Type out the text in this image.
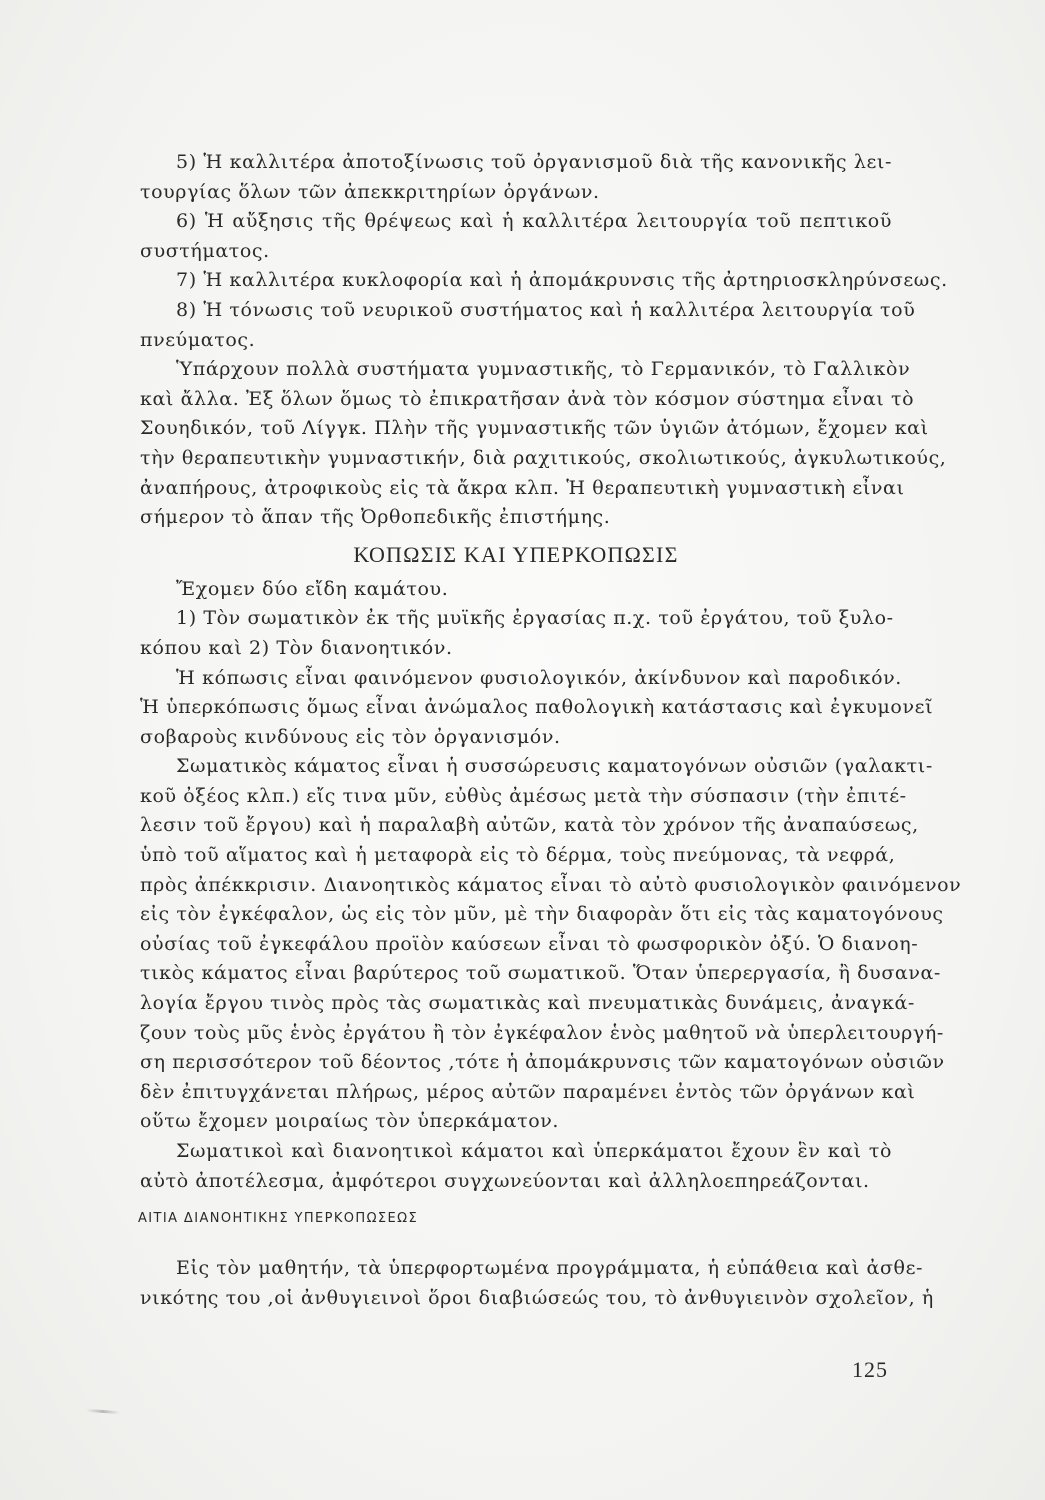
5) Ἡ καλλιτέρα ἀποτοξίνωσις τοῦ ὀργανισμοῦ διὰ τῆς κανονικῆς λει-
τουργίας ὅλων τῶν ἀπεκκριτηρίων ὀργάνων.
6) Ἡ αὔξησις τῆς θρέψεως καὶ ἡ καλλιτέρα λειτουργία τοῦ πεπτικοῦ
συστήματος.
7) Ἡ καλλιτέρα κυκλοφορία καὶ ἡ ἀπομάκρυνσις τῆς ἀρτηριοσκληρύνσεως.
8) Ἡ τόνωσις τοῦ νευρικοῦ συστήματος καὶ ἡ καλλιτέρα λειτουργία τοῦ
πνεύματος.
Ὑπάρχουν πολλὰ συστήματα γυμναστικῆς, τὸ Γερμανικόν, τὸ Γαλλικὸν
καὶ ἄλλα. Ἐξ ὅλων ὅμως τὸ ἐπικρατῆσαν ἀνὰ τὸν κόσμον σύστημα εἶναι τὸ
Σουηδικόν, τοῦ Λίγγκ. Πλὴν τῆς γυμναστικῆς τῶν ὑγιῶν ἀτόμων, ἔχομεν καὶ
τὴν θεραπευτικὴν γυμναστικήν, διὰ ραχιτικούς, σκολιωτικούς, ἀγκυλωτικούς,
ἀναπήρους, ἀτροφικοὺς εἰς τὰ ἄκρα κλπ. Ἡ θεραπευτικὴ γυμναστικὴ εἶναι
σήμερον τὸ ἅπαν τῆς Ὀρθοπεδικῆς ἐπιστήμης.
ΚΟΠΩΣΙΣ ΚΑΙ ΥΠΕΡΚΟΠΩΣΙΣ
Ἔχομεν δύο εἴδη καμάτου.
1) Τὸν σωματικὸν ἐκ τῆς μυϊκῆς ἐργασίας π.χ. τοῦ ἐργάτου, τοῦ ξυλο-
κόπου καὶ 2) Τὸν διανοητικόν.
Ἡ κόπωσις εἶναι φαινόμενον φυσιολογικόν, ἀκίνδυνον καὶ παροδικόν.
Ἡ ὑπερκόπωσις ὅμως εἶναι ἀνώμαλος παθολογικὴ κατάστασις καὶ ἐγκυμονεῖ
σοβαροὺς κινδύνους εἰς τὸν ὀργανισμόν.
Σωματικὸς κάματος εἶναι ἡ συσσώρευσις καματογόνων οὐσιῶν (γαλακτι-
κοῦ ὀξέος κλπ.) εἴς τινα μῦν, εὐθὺς ἀμέσως μετὰ τὴν σύσπασιν (τὴν ἐπιτέ-
λεσιν τοῦ ἔργου) καὶ ἡ παραλαβὴ αὐτῶν, κατὰ τὸν χρόνον τῆς ἀναπαύσεως,
ὑπὸ τοῦ αἵματος καὶ ἡ μεταφορὰ εἰς τὸ δέρμα, τοὺς πνεύμονας, τὰ νεφρά,
πρὸς ἀπέκκρισιν. Διανοητικὸς κάματος εἶναι τὸ αὐτὸ φυσιολογικὸν φαινόμενον
εἰς τὸν ἐγκέφαλον, ὡς εἰς τὸν μῦν, μὲ τὴν διαφορὰν ὅτι εἰς τὰς καματογόνους
οὐσίας τοῦ ἐγκεφάλου προϊὸν καύσεων εἶναι τὸ φωσφορικὸν ὀξύ. Ὁ διανοη-
τικὸς κάματος εἶναι βαρύτερος τοῦ σωματικοῦ. Ὅταν ὑπερεργασία, ἢ δυσανα-
λογία ἔργου τινὸς πρὸς τὰς σωματικὰς καὶ πνευματικὰς δυνάμεις, ἀναγκά-
ζουν τοὺς μῦς ἑνὸς ἐργάτου ἢ τὸν ἐγκέφαλον ἑνὸς μαθητοῦ νὰ ὑπερλειτουργή-
ση περισσότερον τοῦ δέοντος ,τότε ἡ ἀπομάκρυνσις τῶν καματογόνων οὐσιῶν
δὲν ἐπιτυγχάνεται πλήρως, μέρος αὐτῶν παραμένει ἐντὸς τῶν ὀργάνων καὶ
οὕτω ἔχομεν μοιραίως τὸν ὑπερκάματον.
Σωματικοὶ καὶ διανοητικοὶ κάματοι καὶ ὑπερκάματοι ἔχουν ἓν καὶ τὸ
αὐτὸ ἀποτέλεσμα, ἀμφότεροι συγχωνεύονται καὶ ἀλληλοεπηρεάζονται.
ΑΙΤΙΑ ΔΙΑΝΟΗΤΙΚΗΣ ΥΠΕΡΚΟΠΩΣΕΩΣ
Εἰς τὸν μαθητήν, τὰ ὑπερφορτωμένα προγράμματα, ἡ εὐπάθεια καὶ ἀσθε-
νικότης του ,οἱ ἀνθυγιεινοὶ ὅροι διαβιώσεώς του, τὸ ἀνθυγιεινὸν σχολεῖον, ἡ
125
